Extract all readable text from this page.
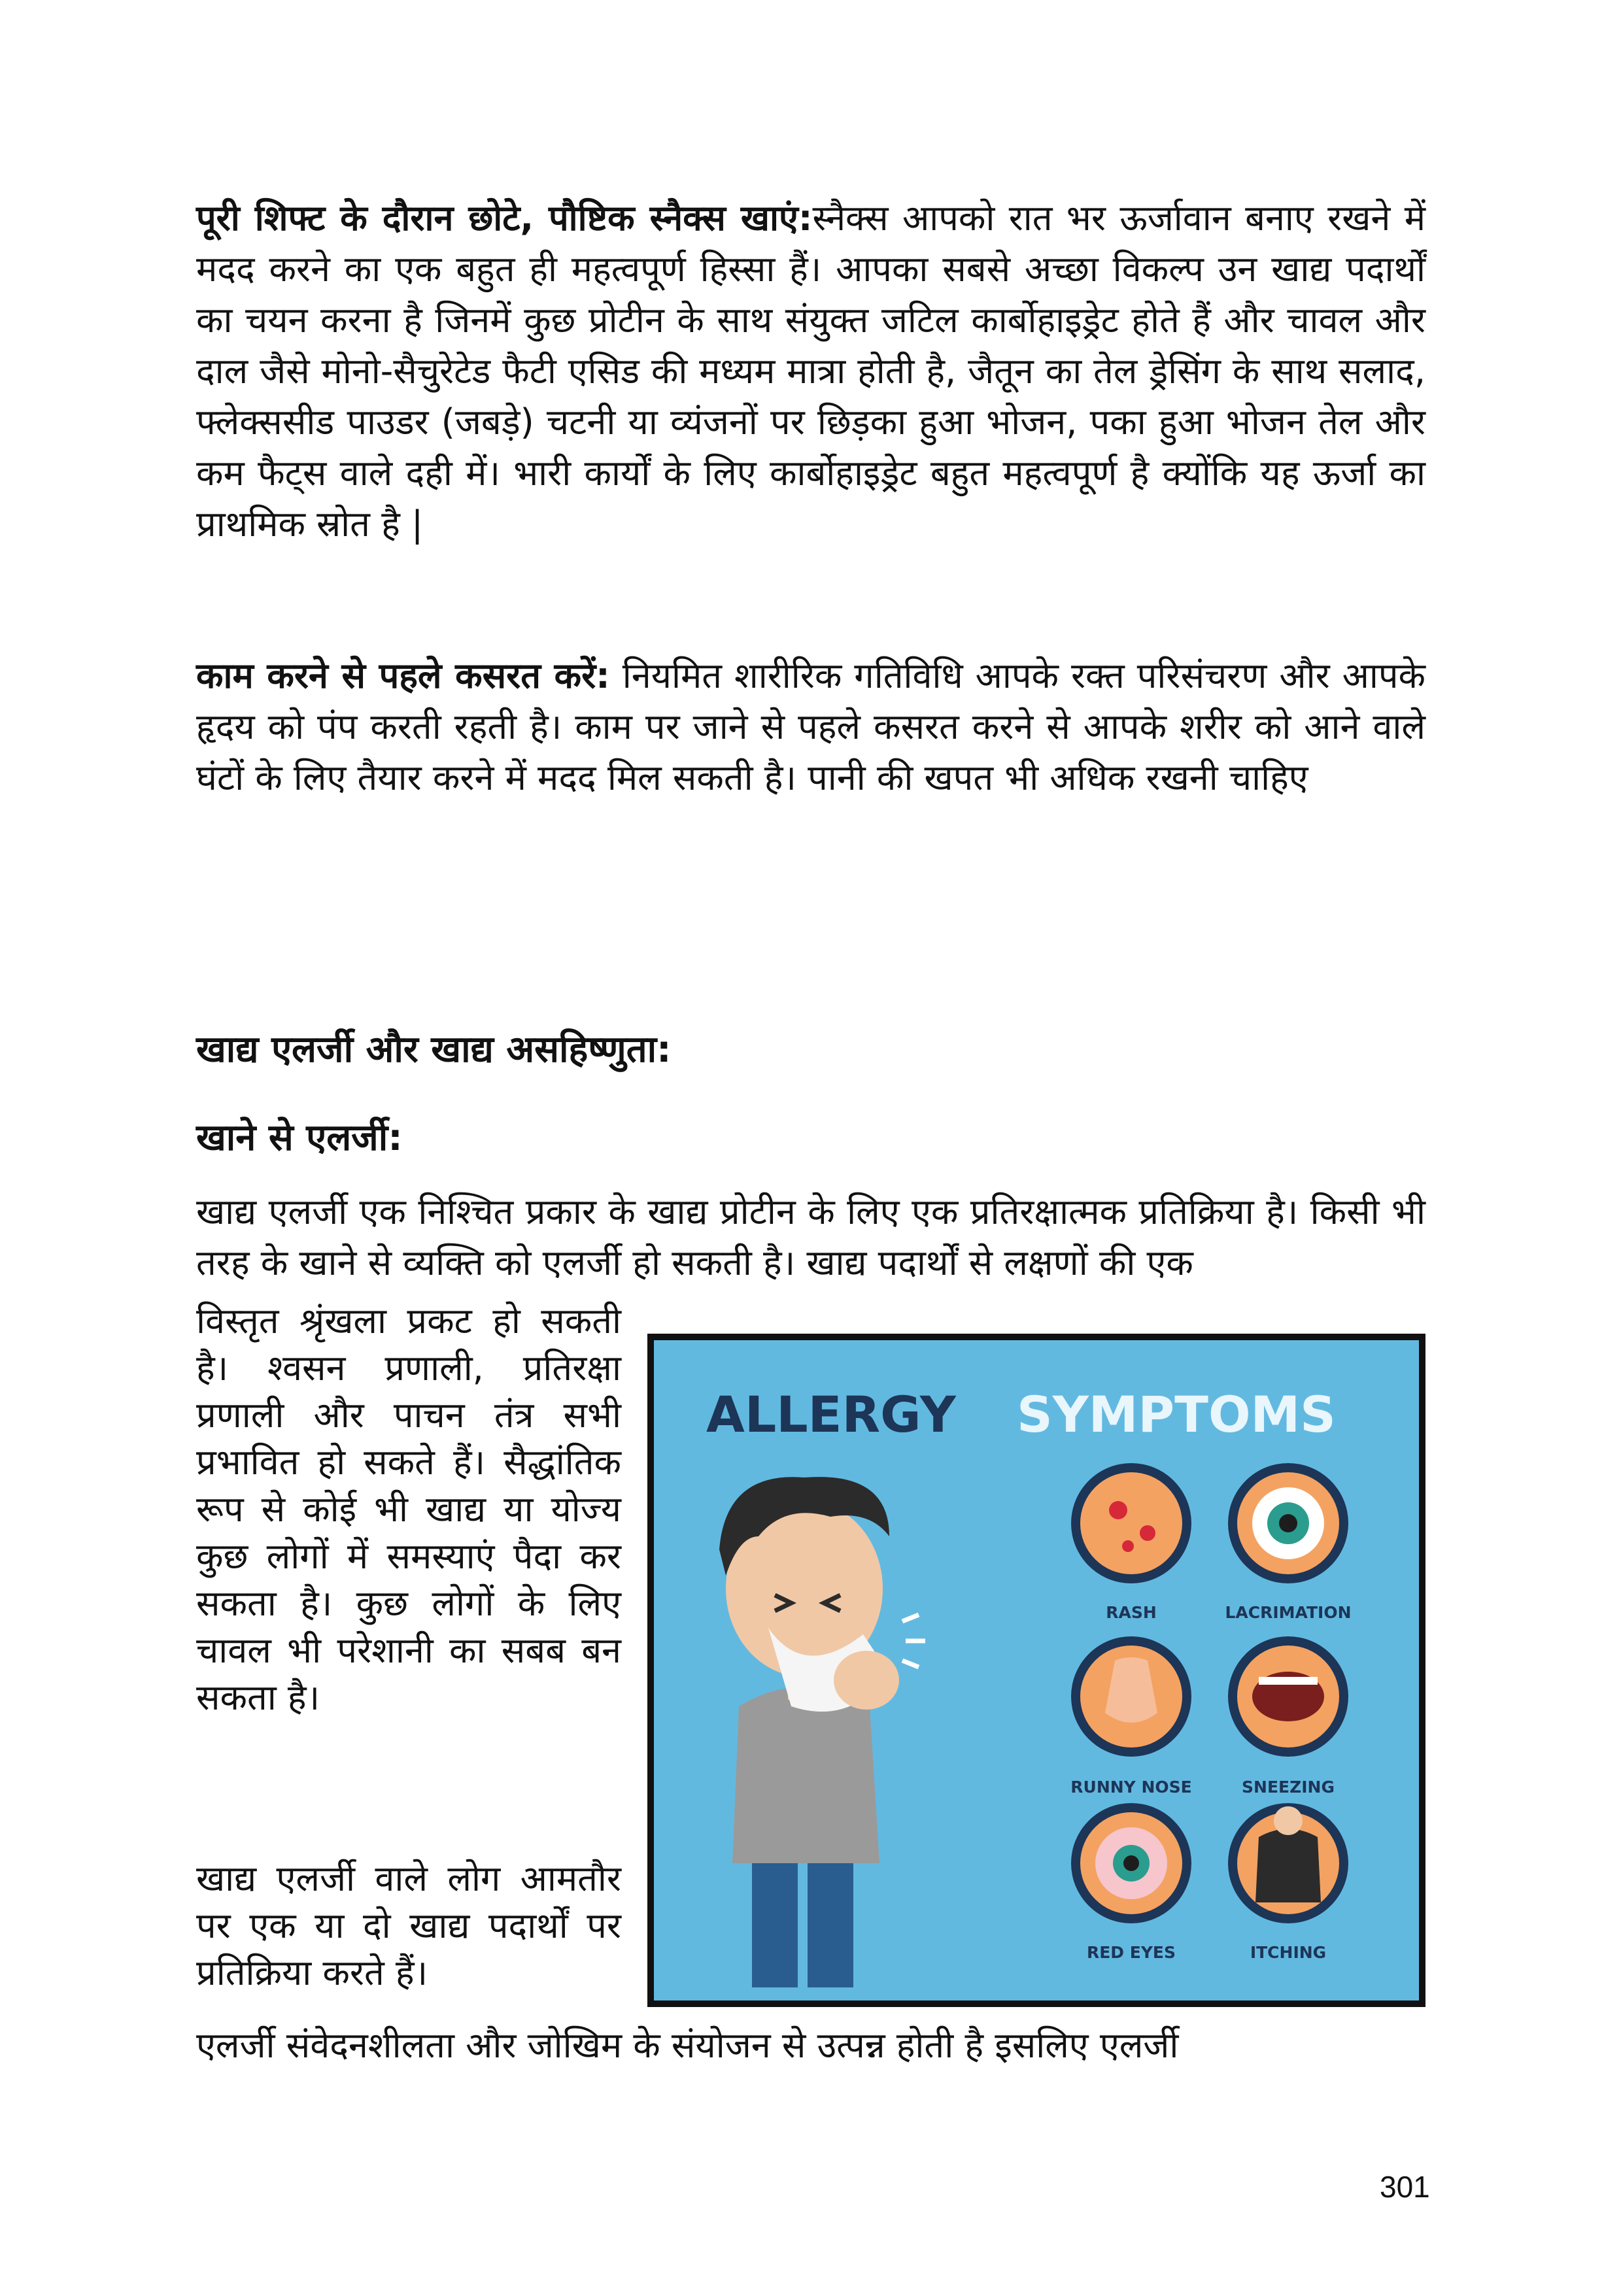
पूरी शिफ्ट के दौरान छोटे, पौष्टिक स्नैक्स खाएं:स्नैक्स आपको रात भर ऊर्जावान बनाए रखने में मदद करने का एक बहुत ही महत्वपूर्ण हिस्सा हैं। आपका सबसे अच्छा विकल्प उन खाद्य पदार्थों का चयन करना है जिनमें कुछ प्रोटीन के साथ संयुक्त जटिल कार्बोहाइड्रेट होते हैं और चावल और दाल जैसे मोनो-सैचुरेटेड फैटी एसिड की मध्यम मात्रा होती है, जैतून का तेल ड्रेसिंग के साथ सलाद, फ्लेक्ससीड पाउडर (जबड़े) चटनी या व्यंजनों पर छिड़का हुआ भोजन, पका हुआ भोजन तेल और कम फैट्स वाले दही में। भारी कार्यों के लिए कार्बोहाइड्रेट बहुत महत्वपूर्ण है क्योंकि यह ऊर्जा का प्राथमिक स्रोत है |

काम करने से पहले कसरत करें: नियमित शारीरिक गतिविधि आपके रक्त परिसंचरण और आपके हृदय को पंप करती रहती है। काम पर जाने से पहले कसरत करने से आपके शरीर को आने वाले घंटों के लिए तैयार करने में मदद मिल सकती है। पानी की खपत भी अधिक रखनी चाहिए

खाद्य एलर्जी और खाद्य असहिष्णुता:
खाने से एलर्जी:

खाद्य एलर्जी एक निश्चित प्रकार के खाद्य प्रोटीन के लिए एक प्रतिरक्षात्मक प्रतिक्रिया है। किसी भी तरह के खाने से व्यक्ति को एलर्जी हो सकती है। खाद्य पदार्थों से लक्षणों की एक

विस्तृत श्रृंखला प्रकट हो सकती है। श्वसन प्रणाली, प्रतिरक्षा प्रणाली और पाचन तंत्र सभी प्रभावित हो सकते हैं। सैद्धांतिक रूप से कोई भी खाद्य या योज्य कुछ लोगों में समस्याएं पैदा कर सकता है। कुछ लोगों के लिए चावल भी परेशानी का सबब बन सकता है।

खाद्य एलर्जी वाले लोग आमतौर पर एक या दो खाद्य पदार्थों पर प्रतिक्रिया करते हैं।

एलर्जी संवेदनशीलता और जोखिम के संयोजन से उत्पन्न होती है इसलिए एलर्जी

ALLERGY SYMPTOMS
RASH	LACRIMATION
RUNNY NOSE	SNEEZING
RED EYES	ITCHING
301
